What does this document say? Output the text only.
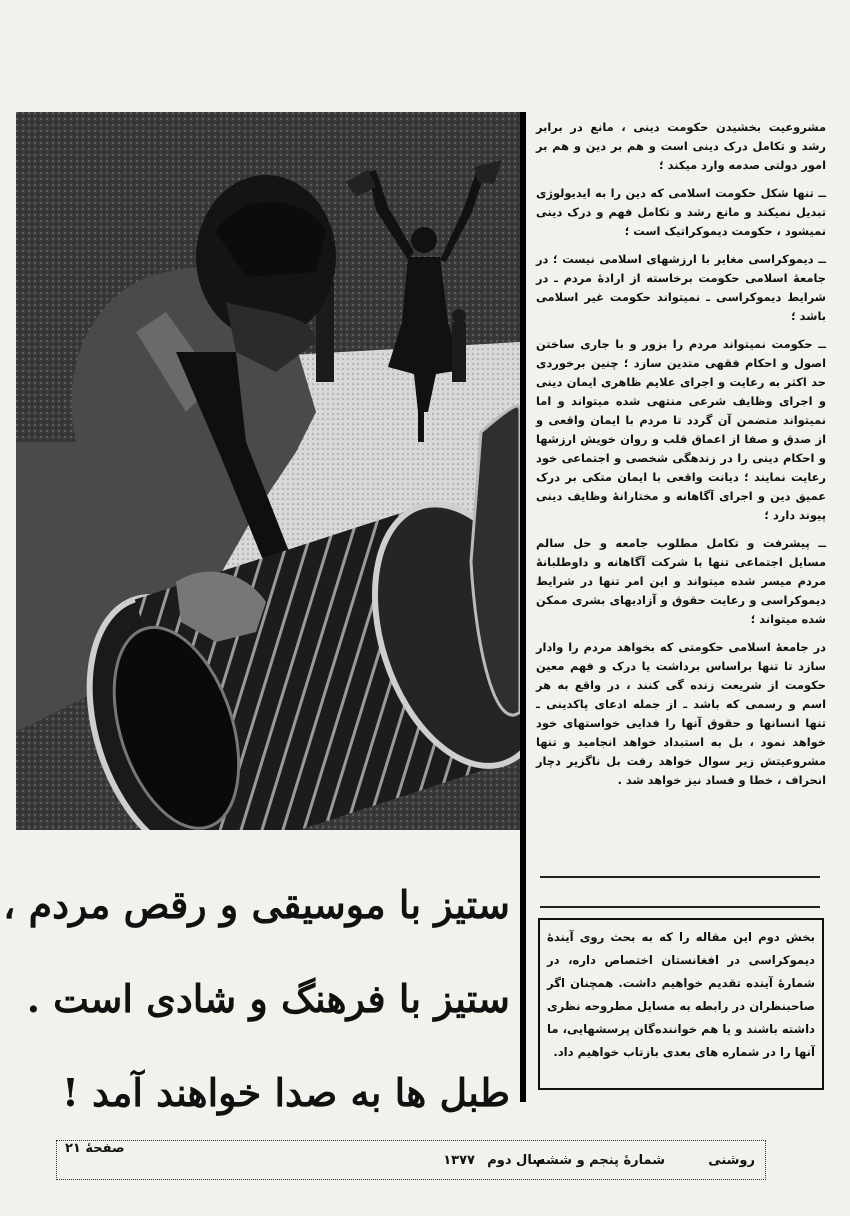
مشروعیت بخشیدن حکومت دینی ، مانع در برابر رشد و تکامل درک دینی است و هم بر دین و هم بر امور دولتی صدمه وارد میکند ؛

ــ تنها شکل حکومت اسلامی که دین را به ایدیولوژی تبدیل نمیکند و مانع رشد و تکامل فهم و درک دینی نمیشود ، حکومت دیموکراتیک است ؛

ــ دیموکراسی مغایر با ارزشهای اسلامی نیست ؛ در جامعهٔ اسلامی حکومت برخاسته از ارادهٔ مردم ـ در شرایط دیموکراسی ـ نمیتواند حکومت غیر اسلامی باشد ؛

ــ حکومت نمیتواند مردم را بزور و با جاری ساختن اصول و احکام فقهی متدین سازد ؛ چنین برخوردی حد اکثر به رعایت و اجرای علایم ظاهری ایمان دینی و اجرای وظایف شرعی منتهی شده میتواند و اما نمیتواند متضمن آن گردد تا مردم با ایمان واقعی و از صدق و صفا از اعماق قلب و روان خویش ارزشها و احکام دینی را در زندهگی شخصی و اجتماعی خود رعایت نمایند ؛ دیانت واقعی با ایمان متکی بر درک عمیق دین و اجرای آگاهانه و مختارانهٔ وظایف دینی پیوند دارد ؛

ــ پیشرفت و تکامل مطلوب جامعه و حل سالم مسایل اجتماعی تنها با شرکت آگاهانه و داوطلبانهٔ مردم میسر شده میتواند و این امر تنها در شرایط دیموکراسی و رعایت حقوق و آزادیهای بشری ممکن شده میتواند ؛

در جامعهٔ اسلامی حکومتی که بخواهد مردم را وادار سازد تا تنها براساس برداشت یا درک و فهم معین حکومت از شریعت زنده گی کنند ، در واقع به هر اسم و رسمی که باشد ـ از جمله ادعای پاکدینی ـ تنها انسانها و حقوق آنها را فدایی خواستهای خود خواهد نمود ، بل به استبداد خواهد انجامید و تنها مشروعیتش زیر سوال خواهد رفت بل ناگزیر دچار انحراف ، خطا و فساد نیز خواهد شد .

بخش دوم این مقاله را که به بحث روی آیندهٔ دیموکراسی در افغانستان اختصاص داره، در شمارهٔ آینده تقدیم خواهیم داشت. همچنان اگر صاحبنظران در رابطه به مسایل مطروحه نظری داشته باشند و یا هم خواننده‌گان پرسشهایی، ما آنها را در شماره های بعدی بازتاب خواهیم داد.
ستیز با موسیقی و رقص مردم ،
ستیز با فرهنگ و شادی است .
طبل ها به صدا خواهند آمد !
روشنی
شمارهٔ پنجم و ششم
سال دوم
۱۳۷۷
صفحهٔ ۲۱
